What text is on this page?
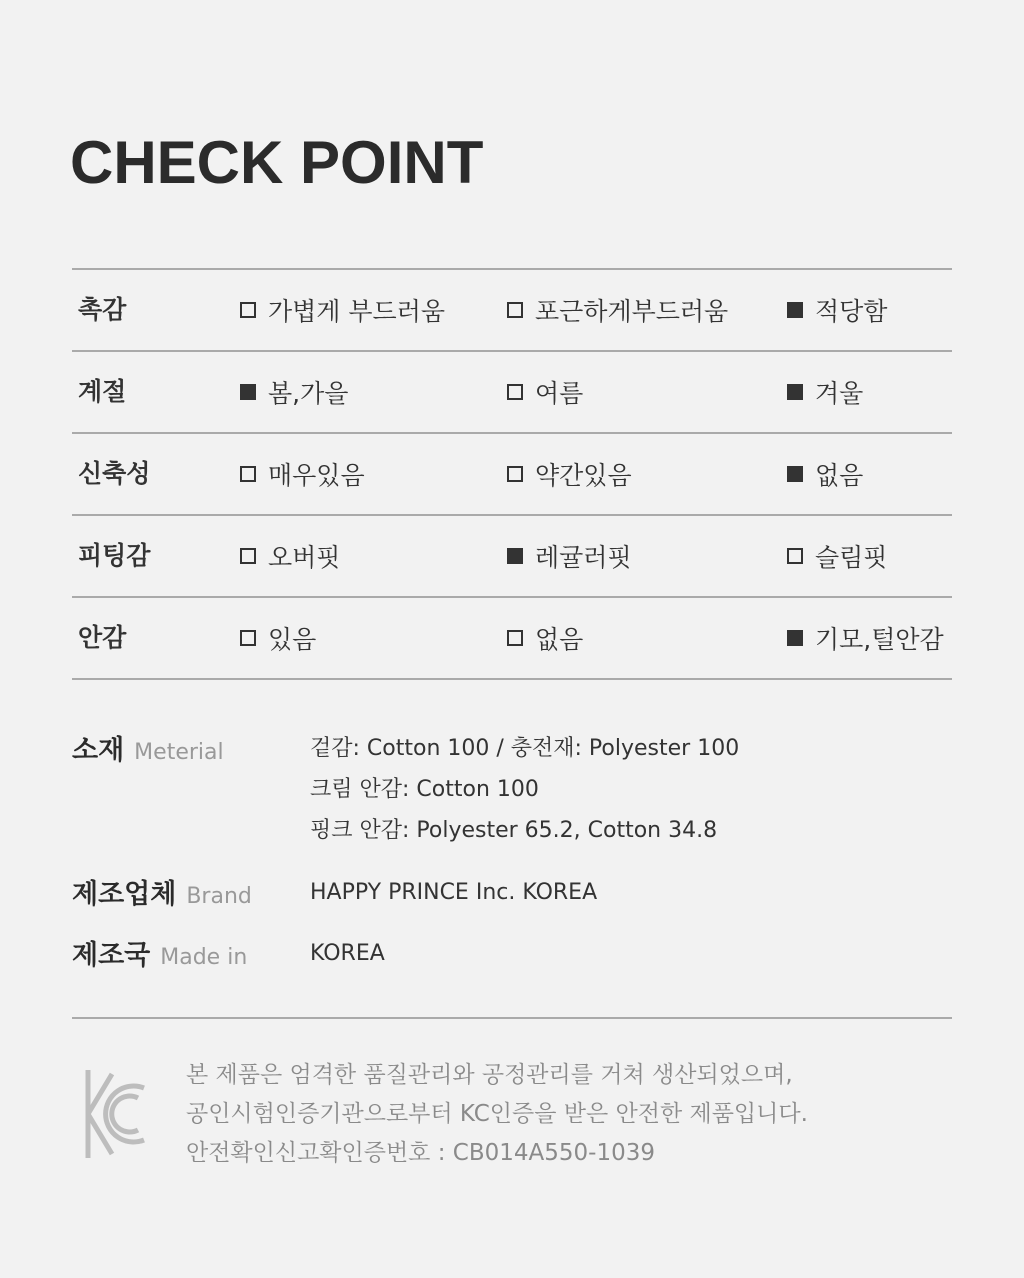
CHECK POINT
촉감	가볍게 부드러움	포근하게부드러움	적당함
계절	봄,가을	여름	겨울
신축성	매우있음	약간있음	없음
피팅감	오버핏	레귤러핏	슬림핏
안감	있음	없음	기모,털안감
소재 Meterial	겉감: Cotton 100 / 충전재: Polyester 100
크림 안감: Cotton 100
핑크 안감: Polyester 65.2, Cotton 34.8
제조업체 Brand	HAPPY PRINCE Inc. KOREA
제조국 Made in	KOREA
본 제품은 엄격한 품질관리와 공정관리를 거쳐 생산되었으며,
공인시험인증기관으로부터 KC인증을 받은 안전한 제품입니다.
안전확인신고확인증번호 : CB014A550-1039
